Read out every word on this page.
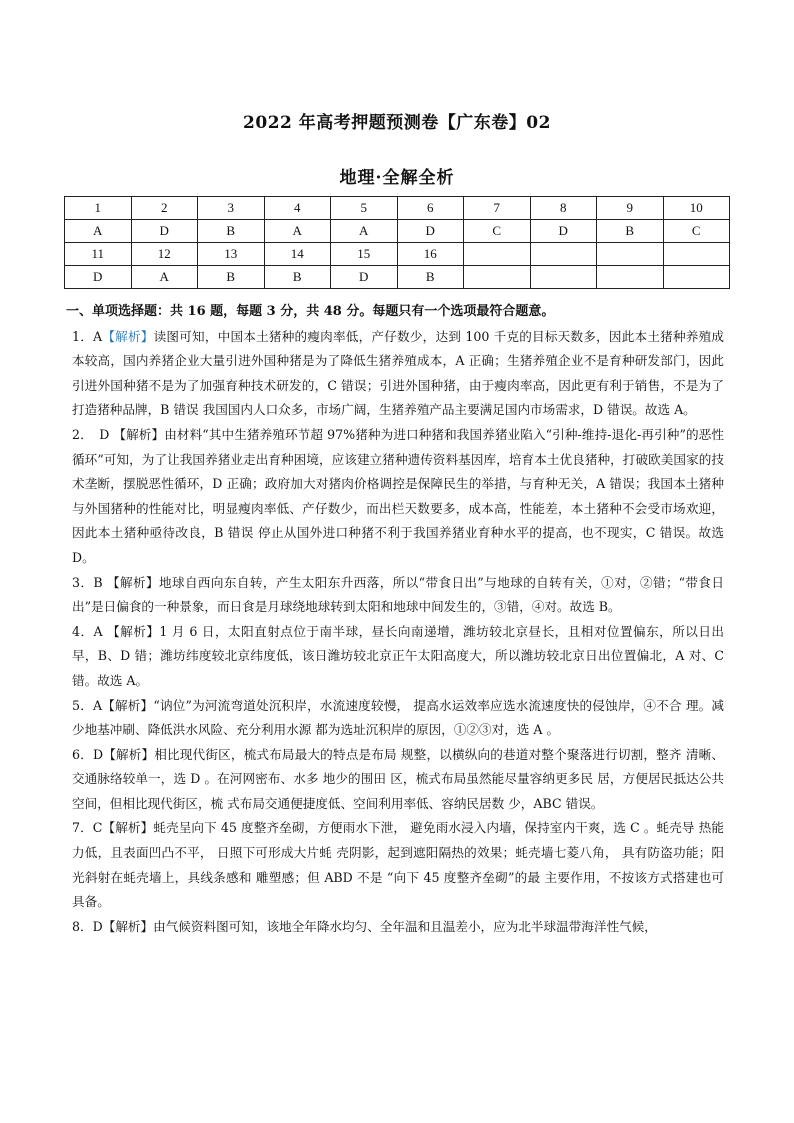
2022 年高考押题预测卷【广东卷】02
地理·全解全析
1	2	3	4	5	6	7	8	9	10
A	D	B	A	A	D	C	D	B	C
11	12	13	14	15	16				
D	A	B	B	D	B				
一、单项选择题：共 16 题，每题 3 分，共 48 分。每题只有一个选项最符合题意。
1．A【解析】读图可知，中国本土猪种的瘦肉率低，产仔数少，达到 100 千克的目标天数多，因此本土猪种养殖成本较高，国内养猪企业大量引进外国种猪是为了降低生猪养殖成本，A 正确；生猪养殖企业不是育种研发部门，因此引进外国种猪不是为了加强育种技术研发的，C 错误；引进外国种猪，由于瘦肉率高，因此更有利于销售，不是为了打造猪种品牌，B 错误 我国国内人口众多，市场广阔，生猪养殖产品主要满足国内市场需求，D 错误。故选 A。
2．　D 【解析】由材料“其中生猪养殖环节超 97%猪种为进口种猪和我国养猪业陷入“引种-维持-退化-再引种”的恶性循环”可知，为了让我国养猪业走出育种困境，应该建立猪种遗传资料基因库，培育本土优良猪种，打破欧美国家的技术垄断，摆脱恶性循环，D 正确；政府加大对猪肉价格调控是保障民生的举措，与育种无关，A 错误；我国本土猪种与外国猪种的性能对比，明显瘦肉率低、产仔数少，而出栏天数要多，成本高，性能差，本土猪种不会受市场欢迎，因此本土猪种亟待改良，B 错误 停止从国外进口种猪不利于我国养猪业育种水平的提高，也不现实，C 错误。故选 D。
3．B 【解析】地球自西向东自转，产生太阳东升西落，所以“带食日出”与地球的自转有关，①对，②错；“带食日出”是日偏食的一种景象，而日食是月球绕地球转到太阳和地球中间发生的，③错，④对。故选 B。
4．A 【解析】1 月 6 日，太阳直射点位于南半球，昼长向南递增，潍坊较北京昼长，且相对位置偏东，所以日出早，B、D 错；潍坊纬度较北京纬度低，该日潍坊较北京正午太阳高度大，所以潍坊较北京日出位置偏北，A 对、C 错。故选 A。
5．A【解析】“讷位”为河流弯道处沉积岸，水流速度较慢， 提高水运效率应选水流速度快的侵蚀岸，④不合 理。减少地基冲刷、降低洪水风险、充分利用水源 都为选址沉积岸的原因，①②③对，选 A 。
6．D【解析】相比现代街区，梳式布局最大的特点是布局 规整，以横纵向的巷道对整个聚落进行切割，整齐 清晰、交通脉络较单一，选 D 。在河网密布、水多 地少的围田 区，梳式布局虽然能尽量容纳更多民 居，方便居民抵达公共空间，但相比现代街区，梳 式布局交通便捷度低、空间利用率低、容纳民居数 少，ABC 错误。
7．C【解析】蚝壳呈向下 45 度整齐垒砌，方便雨水下泄， 避免雨水浸入内墙，保持室内干爽，选 C 。蚝壳导 热能力低，且表面凹凸不平， 日照下可形成大片蚝 壳阴影，起到遮阳隔热的效果；蚝壳墙七菱八角， 具有防盗功能；阳光斜射在蚝壳墙上，具线条感和 雕塑感；但 ABD 不是 “向下 45 度整齐垒砌”的最 主要作用，不按该方式搭建也可具备。
8．D【解析】由气候资料图可知，该地全年降水均匀、全年温和且温差小，应为北半球温带海洋性气候，
